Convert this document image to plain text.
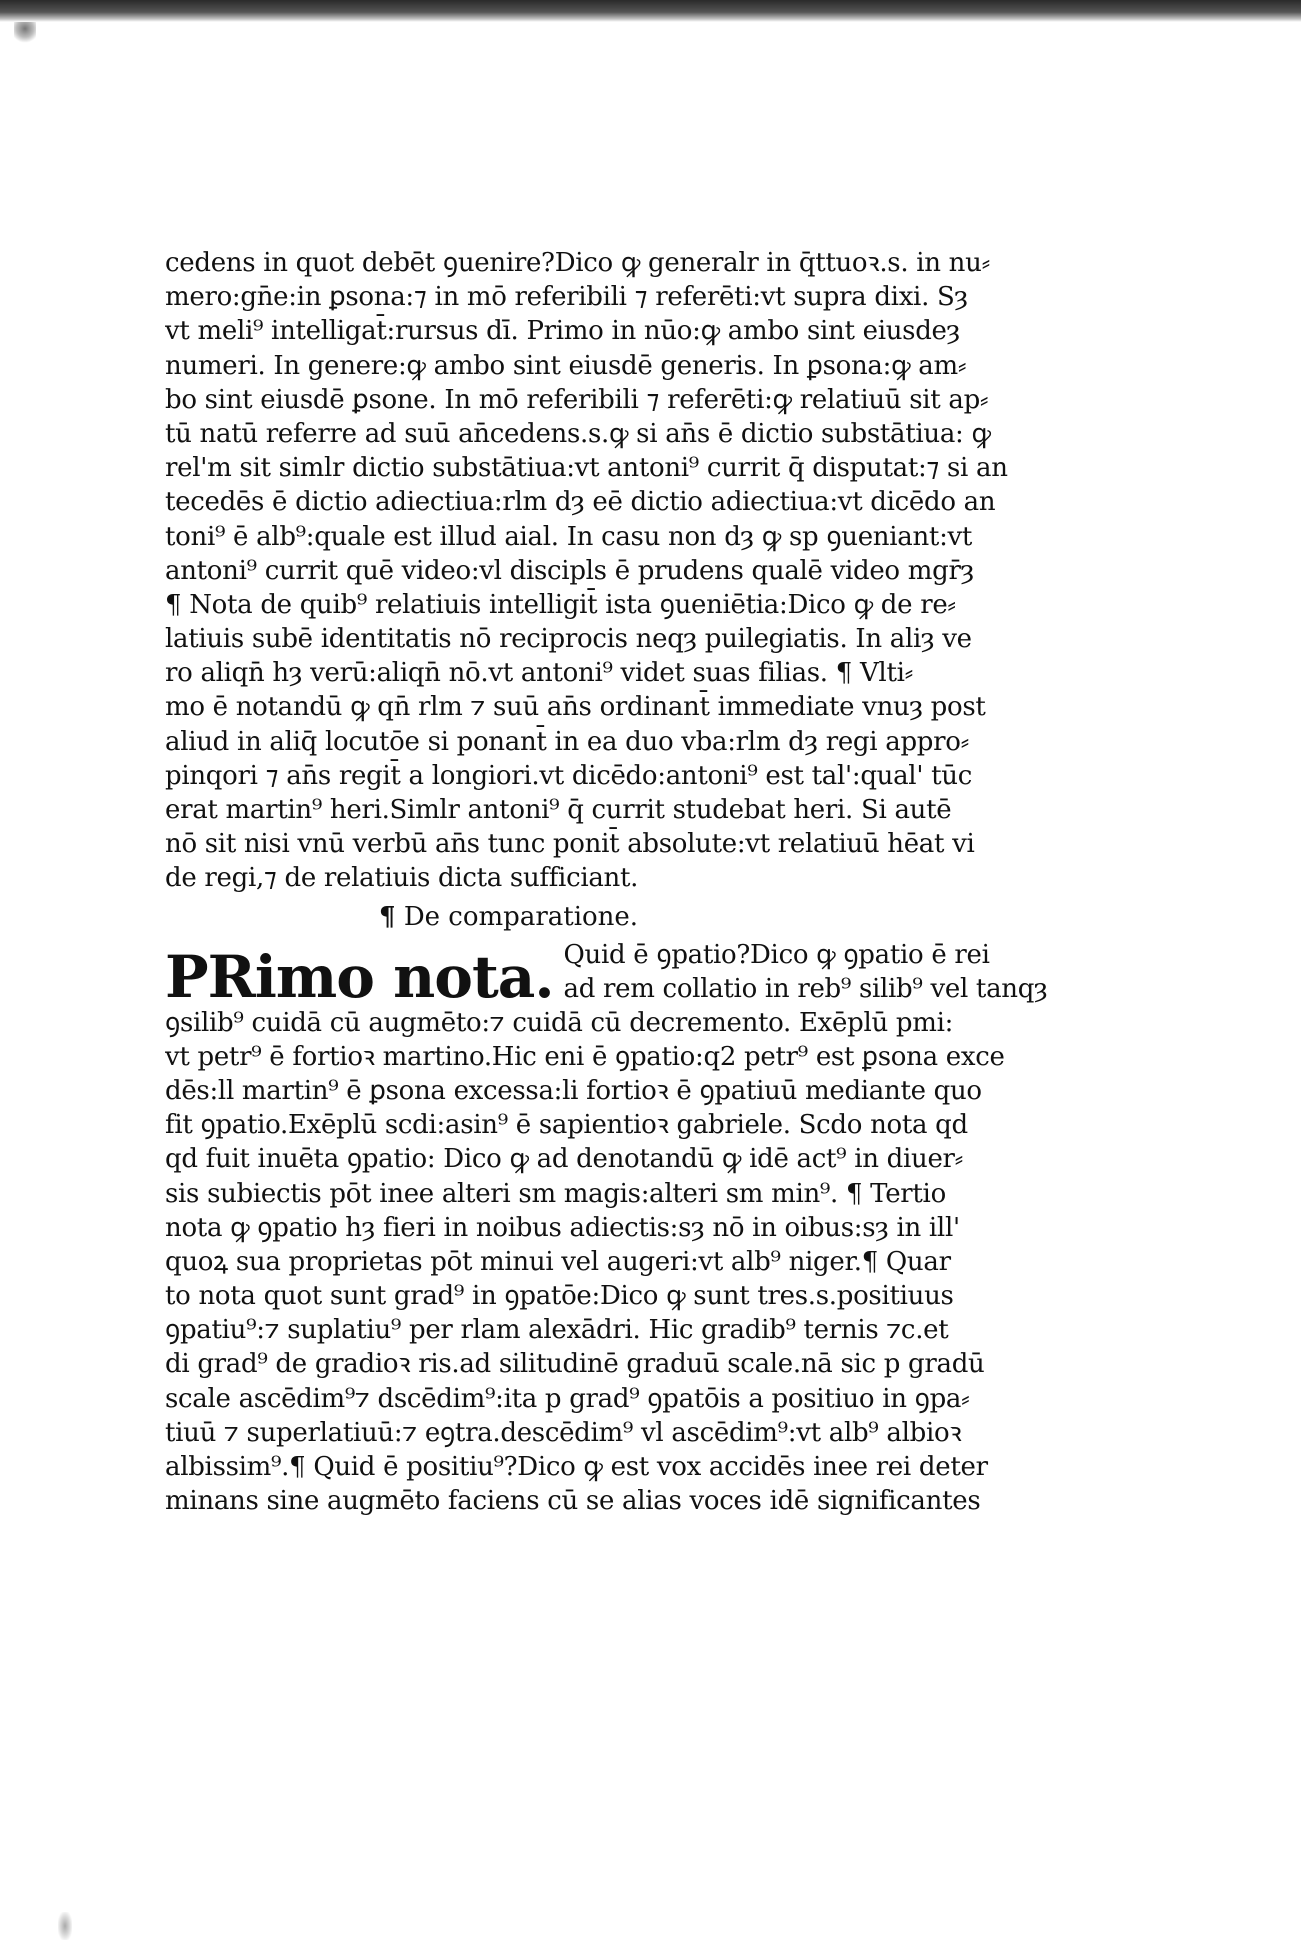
cedens in quot debēt ꝯuenire?Dico ꝙ generalr in q̄ttuoꝛ.s. in nu⸗
mero:gn̄e:in ꝑsona:⁊ in mō referibili ⁊ referēti:vt supra dixi. Sȝ
vt meli⁹ intelligat̄:rursus dī. Primo in nūo:ꝙ ambo sint eiusdeȝ
numeri. In genere:ꝙ ambo sint eiusdē generis. In ꝑsona:ꝙ am⸗
bo sint eiusdē ꝑsone. In mō referibili ⁊ referēti:ꝙ relatiuū sit ap⸗
tū natū referre ad suū an̄cedens.s.ꝙ si an̄s ē dictio substātiua: ꝙ
rel'm sit simlr dictio substātiua:vt antoni⁹ currit q̄ disputat:⁊ si an
tecedēs ē dictio adiectiua:rlm dȝ eē dictio adiectiua:vt dicēdo an
toni⁹ ē alb⁹:quale est illud aial. In casu non dȝ ꝙ sp ꝯueniant:vt
antoni⁹ currit quē video:vl discipls ē prudens qualē video mgr̄ȝ
¶ Nota de quib⁹ relatiuis intelligit̄ ista ꝯueniētia:Dico ꝙ de re⸗
latiuis subē identitatis nō reciprocis neqȝ puilegiatis. In aliȝ ve
ro aliqn̄ hȝ verū:aliqn̄ nō.vt antoni⁹ videt suas filias. ¶ Vlti⸗
mo ē notandū ꝙ qn̄ rlm ⁊ suū an̄s ordinant̄ immediate vnuȝ post
aliud in aliq̄ locutōe si ponant̄ in ea duo vba:rlm dȝ regi appro⸗
pinqori ⁊ an̄s regit̄ a longiori.vt dicēdo:antoni⁹ est tal':qual' tūc
erat martin⁹ heri.Simlr antoni⁹ q̄ currit studebat heri. Si autē
nō sit nisi vnū verbū an̄s tunc ponit̄ absolute:vt relatiuū hēat vi
de regi,⁊ de relatiuis dicta sufficiant.
¶ De comparatione.
PRimo nota. Quid ē ꝯpatio?Dico ꝙ ꝯpatio ē rei
ad rem collatio in reb⁹ silib⁹ vel tanqȝ
ꝯsilib⁹ cuidā cū augmēto:⁊ cuidā cū decremento. Exēplū pmi:
vt petr⁹ ē fortioꝛ martino.Hic eni ē ꝯpatio:q2 petr⁹ est ꝑsona exce
dēs:ll martin⁹ ē ꝑsona excessa:li fortioꝛ ē ꝯpatiuū mediante quo
fit ꝯpatio.Exēplū scdi:asin⁹ ē sapientioꝛ gabriele. Scdo nota qd
qd fuit inuēta ꝯpatio: Dico ꝙ ad denotandū ꝙ idē act⁹ in diuer⸗
sis subiectis pōt inee alteri sm magis:alteri sm min⁹. ¶ Tertio
nota ꝙ ꝯpatio hȝ fieri in noibus adiectis:sȝ nō in oibus:sȝ in ill'
quoꝝ sua proprietas pōt minui vel augeri:vt alb⁹ niger.¶ Quar
to nota quot sunt grad⁹ in ꝯpatōe:Dico ꝙ sunt tres.s.positiuus
ꝯpatiu⁹:⁊ suplatiu⁹ per rlam alexādri. Hic gradib⁹ ternis ⁊c.et
di grad⁹ de gradioꝛ ris.ad silitudinē graduū scale.nā sic p gradū
scale ascēdim⁹⁊ dscēdim⁹:ita p grad⁹ ꝯpatōis a positiuo in ꝯpa⸗
tiuū ⁊ superlatiuū:⁊ eꝯtra.descēdim⁹ vl ascēdim⁹:vt alb⁹ albioꝛ
albissim⁹.¶ Quid ē positiu⁹?Dico ꝙ est vox accidēs inee rei deter
minans sine augmēto faciens cū se alias voces idē significantes
